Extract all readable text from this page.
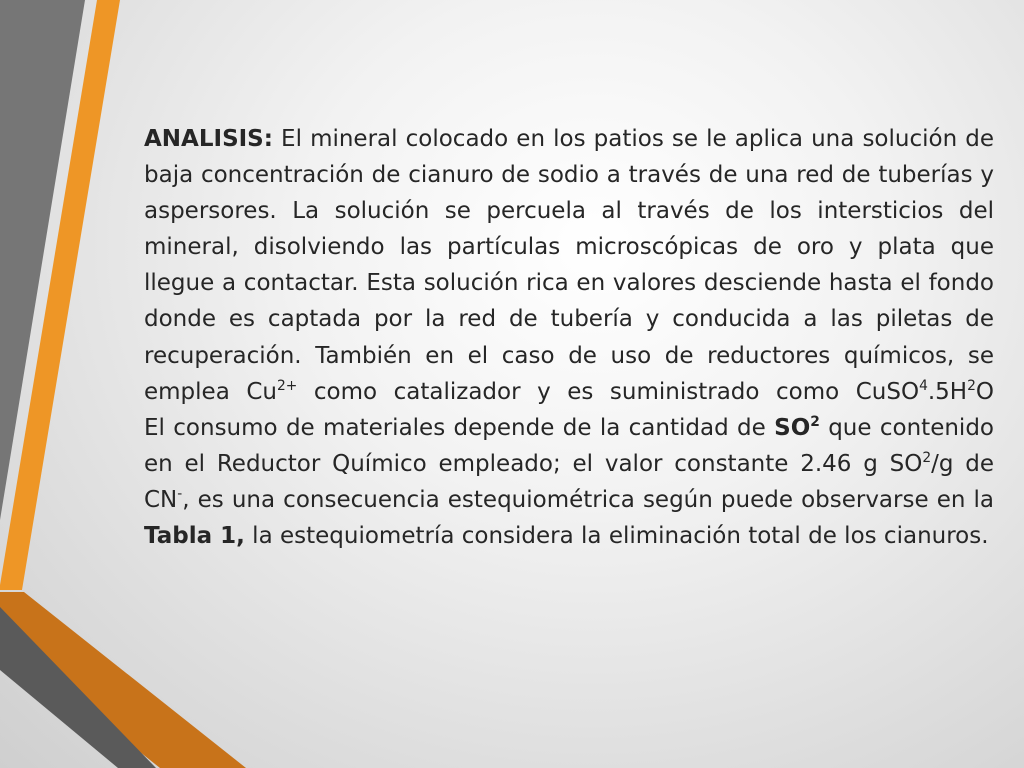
ANALISIS: El mineral colocado en los patios se le aplica una solución de baja concentración de cianuro de sodio a través de una red de tuberías y aspersores. La solución se percuela al través de los intersticios del mineral, disolviendo las partículas microscópicas de oro y plata que llegue a contactar. Esta solución rica en valores desciende hasta el fondo donde es captada por la red de tubería y conducida a las piletas de recuperación. También en el caso de uso de reductores químicos, se emplea $Cu^{2+}$ como catalizador y es suministrado como $CuSO^4.5H^2O$

El consumo de materiales depende de la cantidad de $SO^2$ que contenido en el Reductor Químico empleado; el valor constante 2.46 g $SO^2/g$ de CN-, es una consecuencia estequiométrica según puede observarse en la Tabla 1, la estequiometría considera la eliminación total de los cianuros.
